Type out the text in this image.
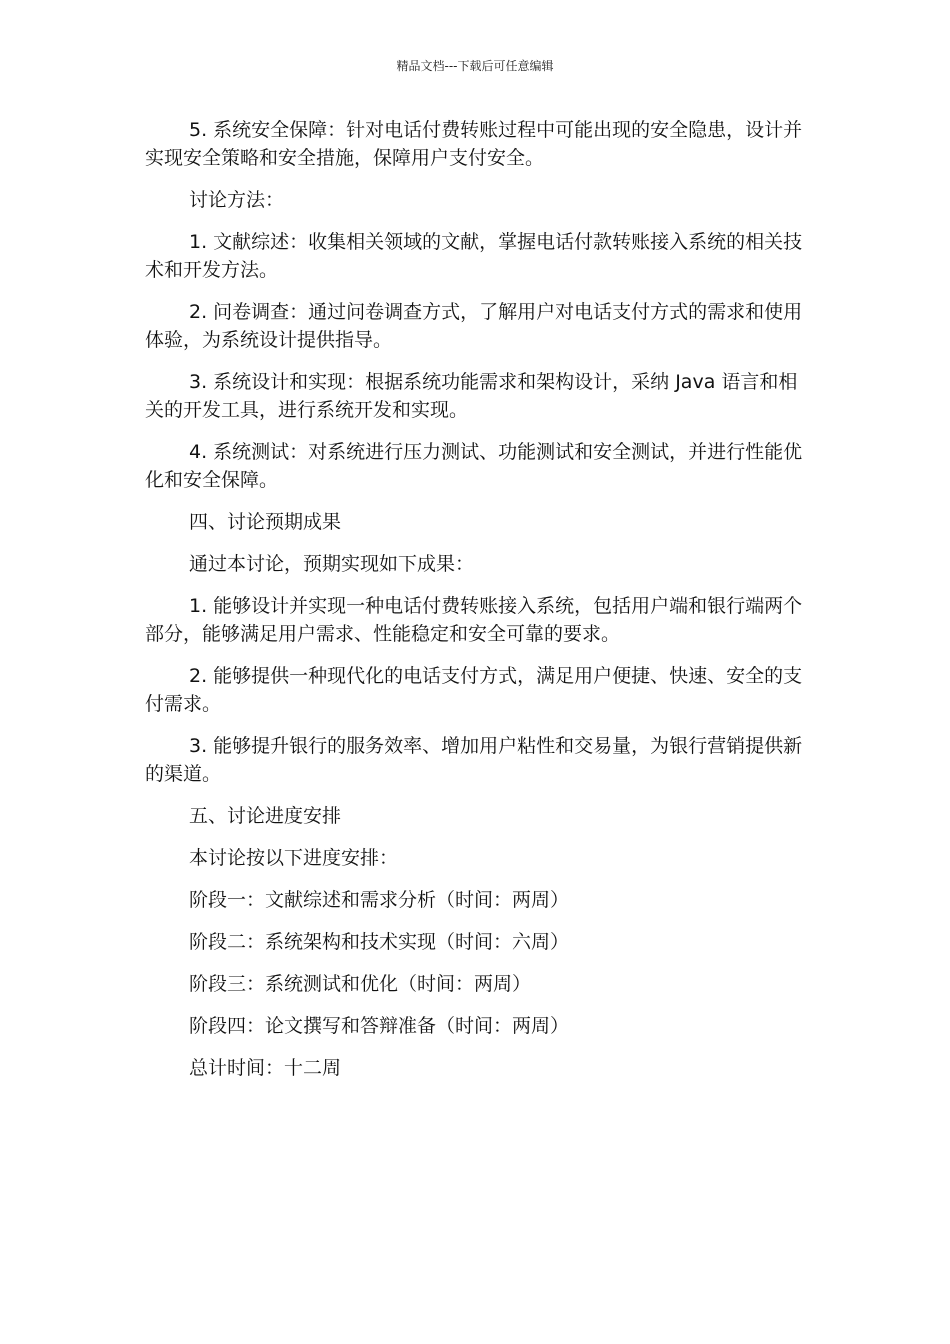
精品文档---下载后可任意编辑

5. 系统安全保障：针对电话付费转账过程中可能出现的安全隐患，设计并实现安全策略和安全措施，保障用户支付安全。

讨论方法：

1. 文献综述：收集相关领域的文献，掌握电话付款转账接入系统的相关技术和开发方法。

2. 问卷调查：通过问卷调查方式，了解用户对电话支付方式的需求和使用体验，为系统设计提供指导。

3. 系统设计和实现：根据系统功能需求和架构设计，采纳 Java 语言和相关的开发工具，进行系统开发和实现。

4. 系统测试：对系统进行压力测试、功能测试和安全测试，并进行性能优化和安全保障。

四、讨论预期成果

通过本讨论，预期实现如下成果：

1. 能够设计并实现一种电话付费转账接入系统，包括用户端和银行端两个部分，能够满足用户需求、性能稳定和安全可靠的要求。

2. 能够提供一种现代化的电话支付方式，满足用户便捷、快速、安全的支付需求。

3. 能够提升银行的服务效率、增加用户粘性和交易量，为银行营销提供新的渠道。

五、讨论进度安排

本讨论按以下进度安排：

阶段一：文献综述和需求分析（时间：两周）

阶段二：系统架构和技术实现（时间：六周）

阶段三：系统测试和优化（时间：两周）

阶段四：论文撰写和答辩准备（时间：两周）

总计时间：十二周
